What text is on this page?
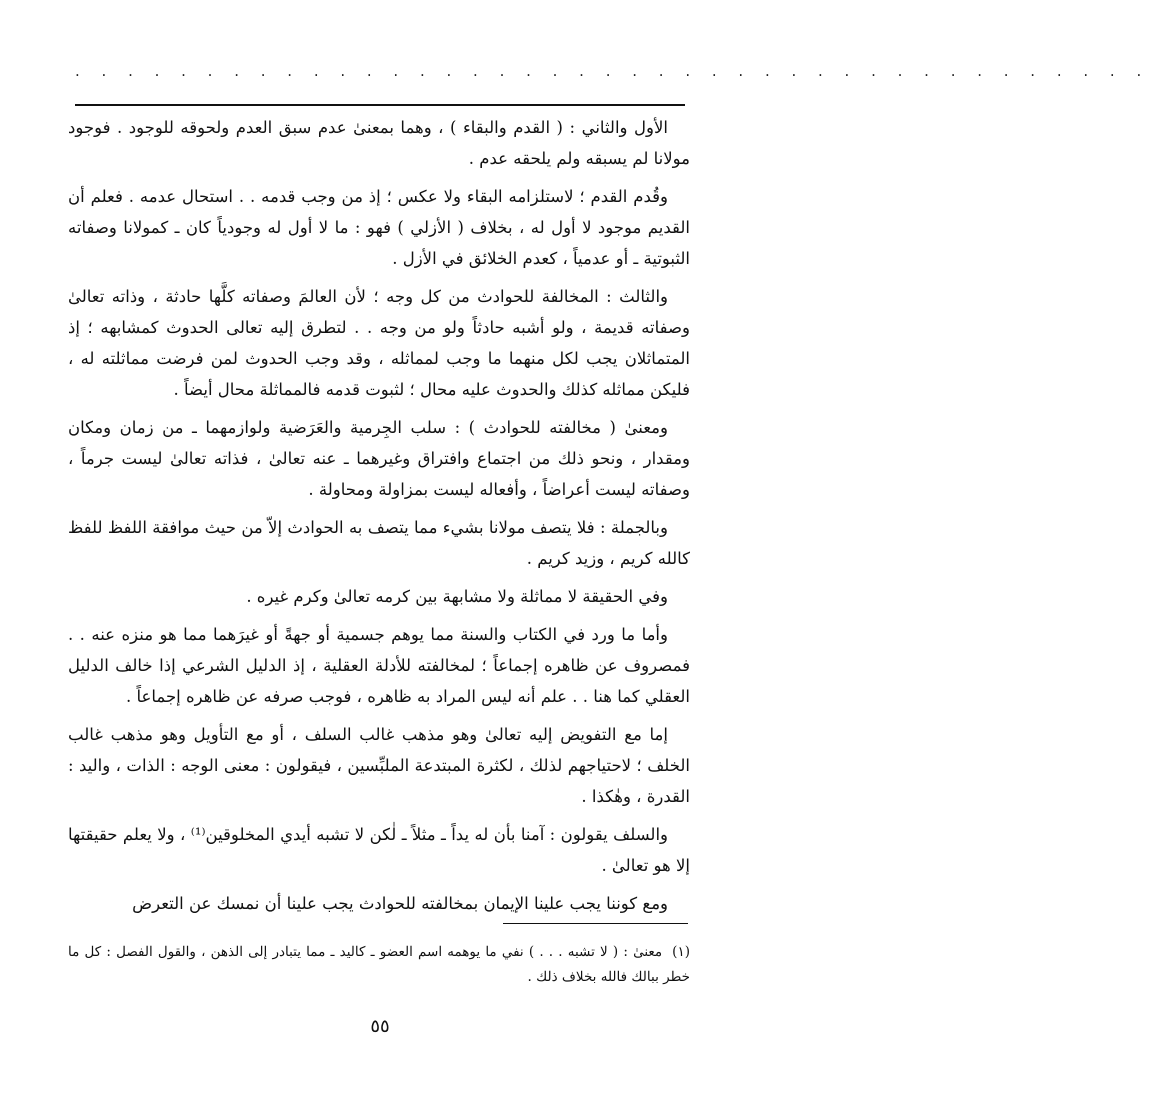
. . . . . . . . . . . . . . . . . . . . . . . . . . . . . . . . . . . . . . . . .

الأول والثاني : ( القدم والبقاء ) ، وهما بمعنىٰ عدم سبق العدم ولحوقه للوجود . فوجود مولانا لم يسبقه ولم يلحقه عدم .

وقُدم القدم ؛ لاستلزامه البقاء ولا عكس ؛ إذ من وجب قدمه . . استحال عدمه . فعلم أن القديم موجود لا أول له ، بخلاف ( الأزلي ) فهو : ما لا أول له وجودياً كان ـ كمولانا وصفاته الثبوتية ـ أو عدمياً ، كعدم الخلائق في الأزل .

والثالث : المخالفة للحوادث من كل وجه ؛ لأن العالمَ وصفاته كلَّها حادثة ، وذاته تعالىٰ وصفاته قديمة ، ولو أشبه حادثاً ولو من وجه . . لتطرق إليه تعالى الحدوث كمشابهه ؛ إذ المتماثلان يجب لكل منهما ما وجب لمماثله ، وقد وجب الحدوث لمن فرضت مماثلته له ، فليكن مماثله كذلك والحدوث عليه محال ؛ لثبوت قدمه فالمماثلة محال أيضاً .

ومعنىٰ ( مخالفته للحوادث ) : سلب الجِرمية والعَرَضية ولوازمهما ـ من زمان ومكان ومقدار ، ونحو ذلك من اجتماع وافتراق وغيرهما ـ عنه تعالىٰ ، فذاته تعالىٰ ليست جرماً ، وصفاته ليست أعراضاً ، وأفعاله ليست بمزاولة ومحاولة .

وبالجملة : فلا يتصف مولانا بشيء مما يتصف به الحوادث إلاّ من حيث موافقة اللفظ للفظ كالله كريم ، وزيد كريم .

وفي الحقيقة لا مماثلة ولا مشابهة بين كرمه تعالىٰ وكرم غيره .

وأما ما ورد في الكتاب والسنة مما يوهم جسمية أو جهةً أو غيرَهما مما هو منزه عنه . . فمصروف عن ظاهره إجماعاً ؛ لمخالفته للأدلة العقلية ، إذ الدليل الشرعي إذا خالف الدليل العقلي كما هنا . . علم أنه ليس المراد به ظاهره ، فوجب صرفه عن ظاهره إجماعاً .

إما مع التفويض إليه تعالىٰ وهو مذهب غالب السلف ، أو مع التأويل وهو مذهب غالب الخلف ؛ لاحتياجهم لذلك ، لكثرة المبتدعة الملبِّسين ، فيقولون : معنى الوجه : الذات ، واليد : القدرة ، وهٰكذا .

والسلف يقولون : آمنا بأن له يداً ـ مثلاً ـ لٰكن لا تشبه أيدي المخلوقين⁽¹⁾ ، ولا يعلم حقيقتها إلا هو تعالىٰ .

ومع كوننا يجب علينا الإيمان بمخالفته للحوادث يجب علينا أن نمسك عن التعرض

(١)معنىٰ : ( لا تشبه . . . ) نفي ما يوهمه اسم العضو ـ كاليد ـ مما يتبادر إلى الذهن ، والقول الفصل : كل ما خطر ببالك فالله بخلاف ذلك .
٥٥
